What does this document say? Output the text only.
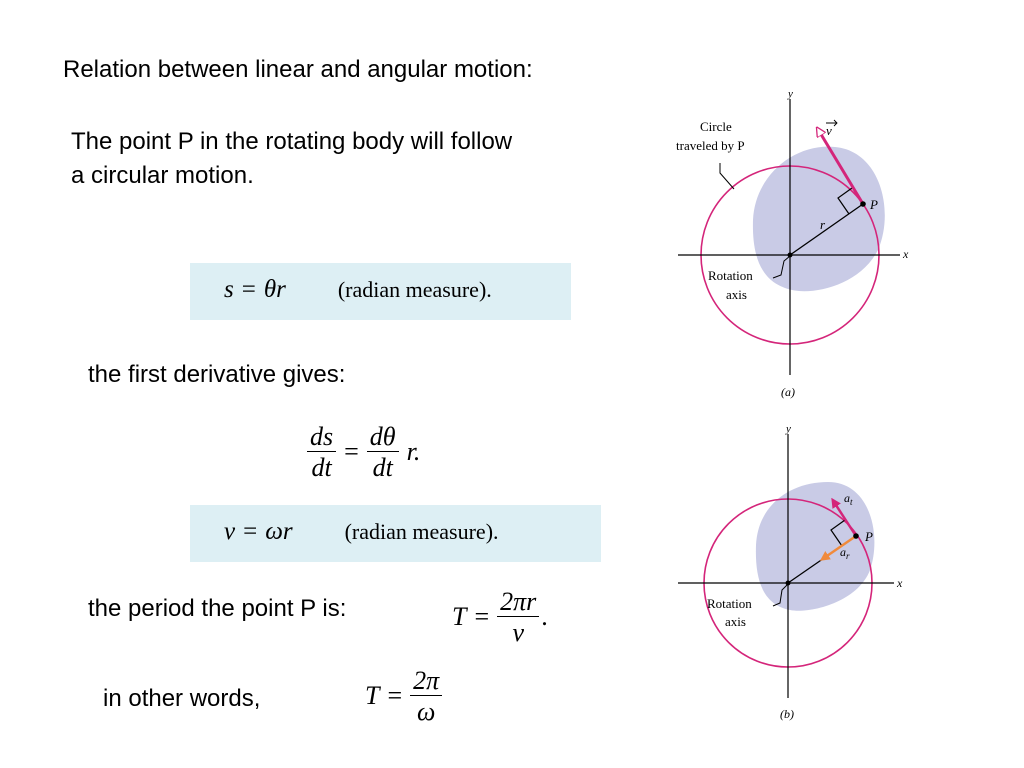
Relation between linear and angular motion:
The point P in the rotating body will follow
a circular motion.
s = θr (radian measure).
the first derivative gives:
$\frac{ds}{dt} = \frac{d\theta}{dt} r$.
v = ωr (radian measure).
the period the point P is:	$T = \frac{2\pi r}{v}$ .
in other words,	$T = \frac{2\pi}{\omega}$
y
x
Circle
traveled by P
v
P
r
Rotation
axis
(a)
y
x
$a_t$
$a_r$
P
Rotation
axis
(b)
